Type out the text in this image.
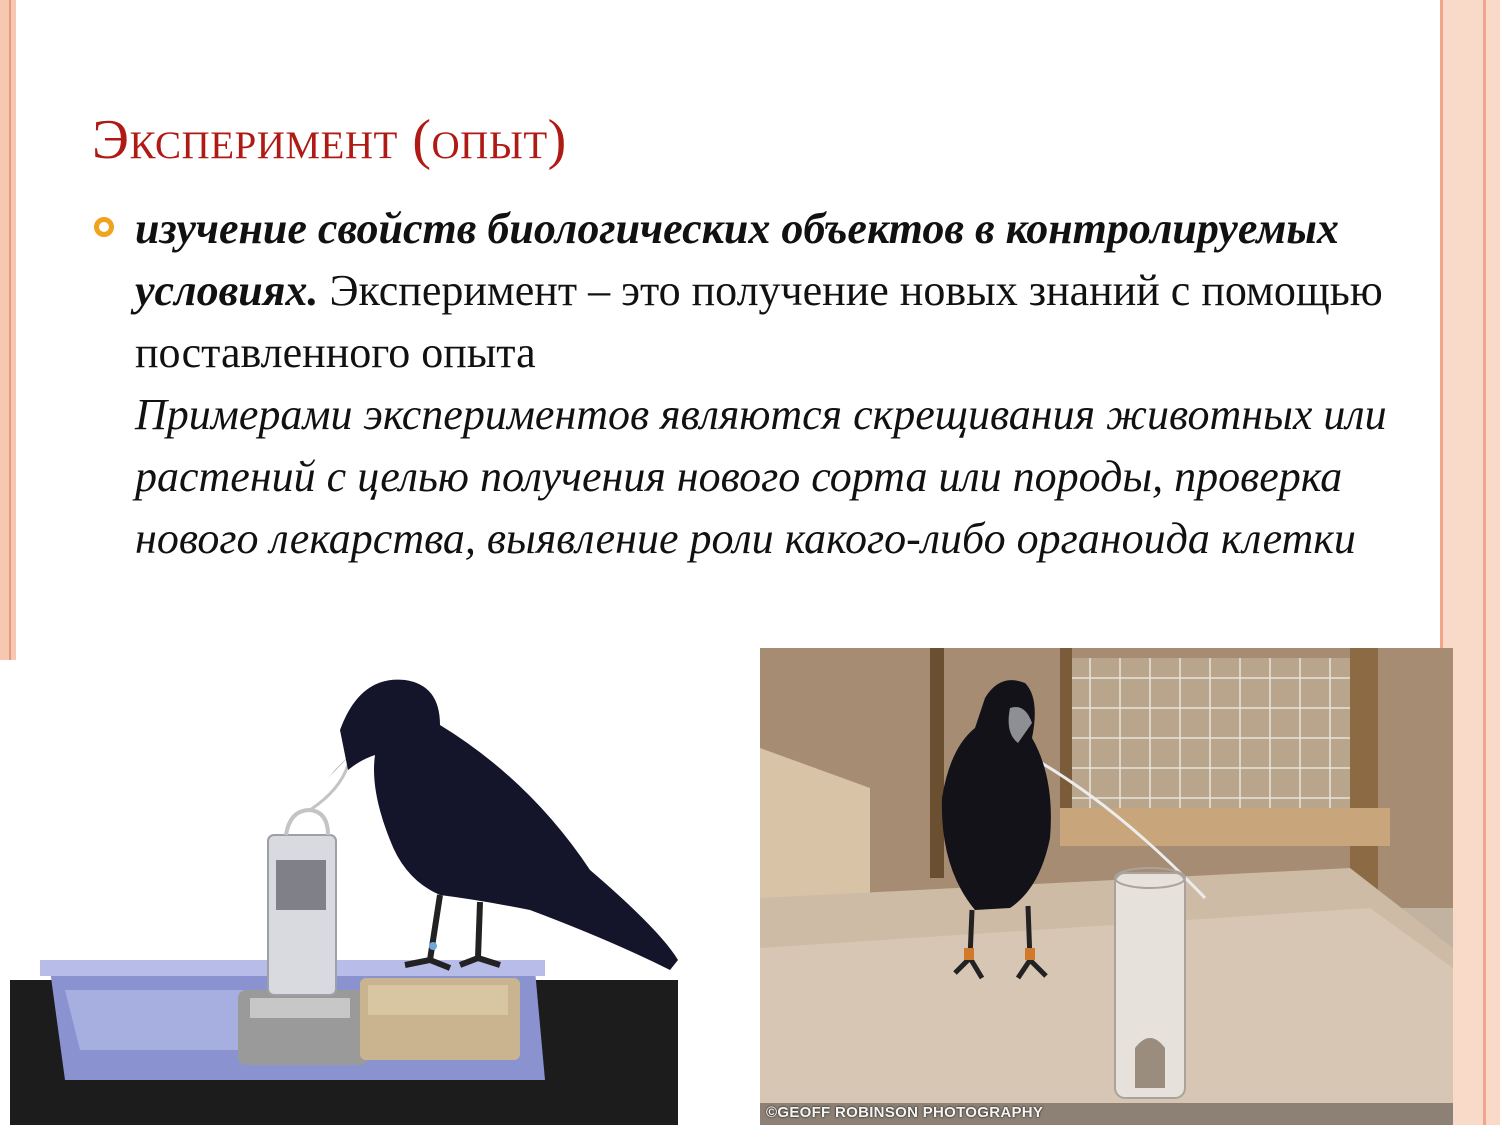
Эксперимент (опыт)

изучение свойств биологических объектов в контролируемых условиях. Эксперимент – это получение новых знаний с помощью поставленного опыта
Примерами экспериментов являются скрещивания животных или растений с целью получения нового сорта или породы, проверка нового лекарства, выявление роли какого-либо органоида клетки

©GEOFF ROBINSON PHOTOGRAPHY
